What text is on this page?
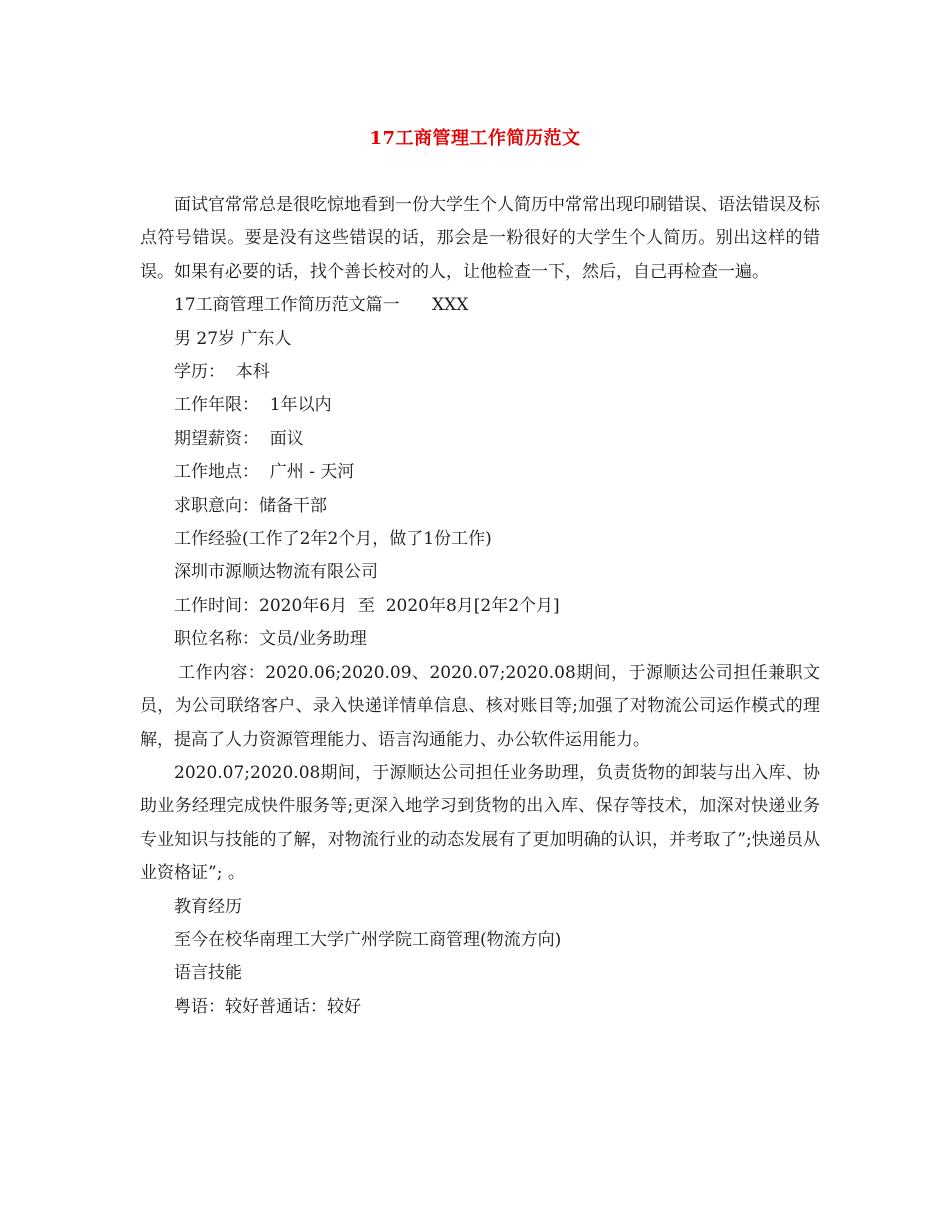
17工商管理工作简历范文

面试官常常总是很吃惊地看到一份大学生个人简历中常常出现印刷错误、语法错误及标点符号错误。要是没有这些错误的话，那会是一粉很好的大学生个人简历。别出这样的错误。如果有必要的话，找个善长校对的人，让他检查一下，然后，自己再检查一遍。

17工商管理工作简历范文篇一      XXX

男 27岁 广东人

学历：  本科

工作年限：  1年以内

期望薪资：  面议

工作地点：  广州 - 天河

求职意向：储备干部

工作经验(工作了2年2个月，做了1份工作)

深圳市源顺达物流有限公司

工作时间：2020年6月  至  2020年8月[2年2个月]

职位名称：文员/业务助理

工作内容：2020.06;2020.09、2020.07;2020.08期间，于源顺达公司担任兼职文员，为公司联络客户、录入快递详情单信息、核对账目等;加强了对物流公司运作模式的理解，提高了人力资源管理能力、语言沟通能力、办公软件运用能力。

2020.07;2020.08期间，于源顺达公司担任业务助理，负责货物的卸装与出入库、协助业务经理完成快件服务等;更深入地学习到货物的出入库、保存等技术，加深对快递业务专业知识与技能的了解，对物流行业的动态发展有了更加明确的认识，并考取了”;快递员从业资格证”; 。

教育经历

至今在校华南理工大学广州学院工商管理(物流方向)

语言技能

粤语：较好普通话：较好
